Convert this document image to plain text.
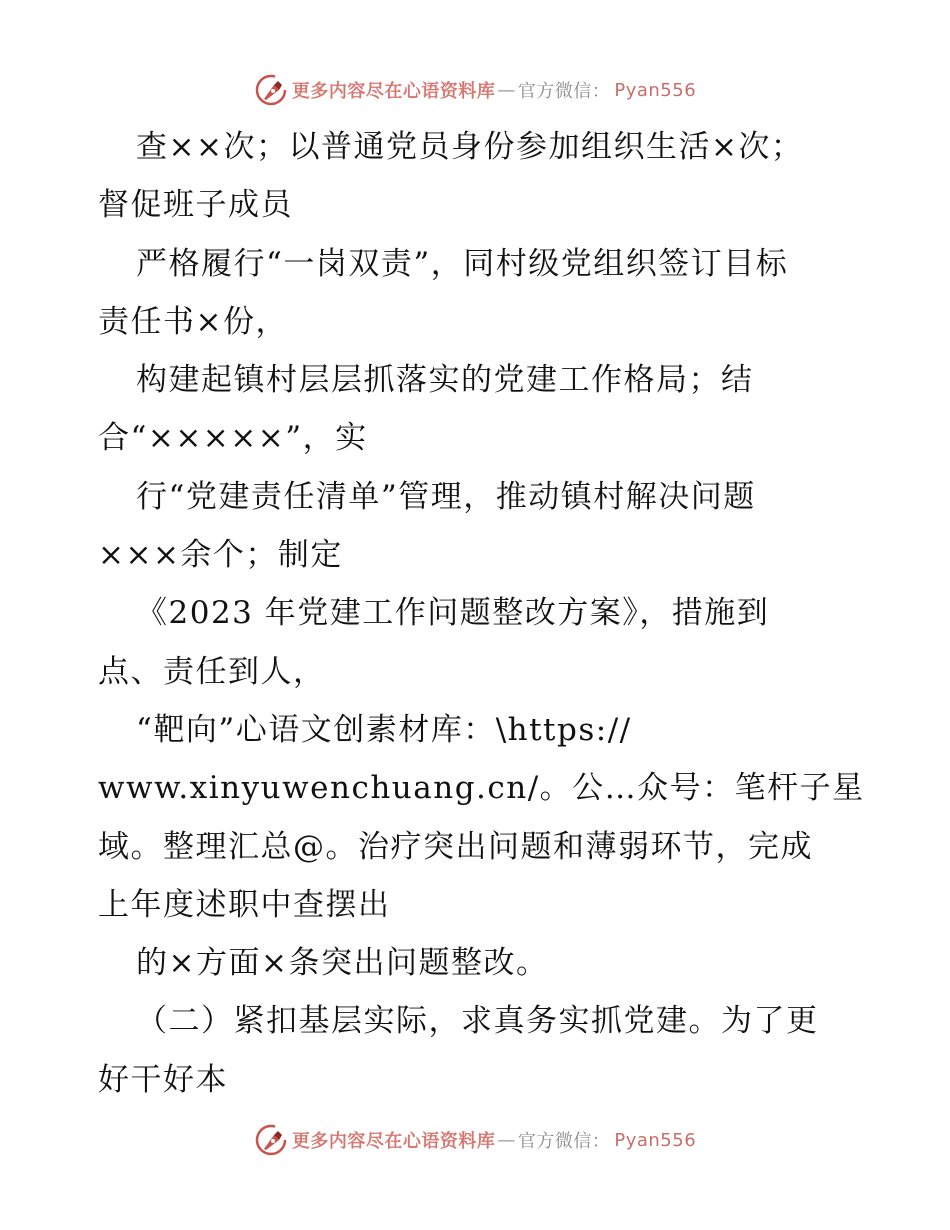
更多内容尽在心语资料库 — 官方微信： Pyan556
查××次；以普通党员身份参加组织生活×次；
督促班子成员
严格履行“一岗双责”，同村级党组织签订目标
责任书×份，
构建起镇村层层抓落实的党建工作格局；结
合“×××××”，实
行“党建责任清单”管理，推动镇村解决问题
×××余个；制定
《2023 年党建工作问题整改方案》，措施到
点、责任到人，
“靶向”心语文创素材库：\https://
www.xinyuwenchuang.cn/。公…众号：笔杆子星
域。整理汇总@。治疗突出问题和薄弱环节，完成
上年度述职中查摆出
的×方面×条突出问题整改。
（二）紧扣基层实际，求真务实抓党建。为了更
好干好本
更多内容尽在心语资料库 — 官方微信： Pyan556
